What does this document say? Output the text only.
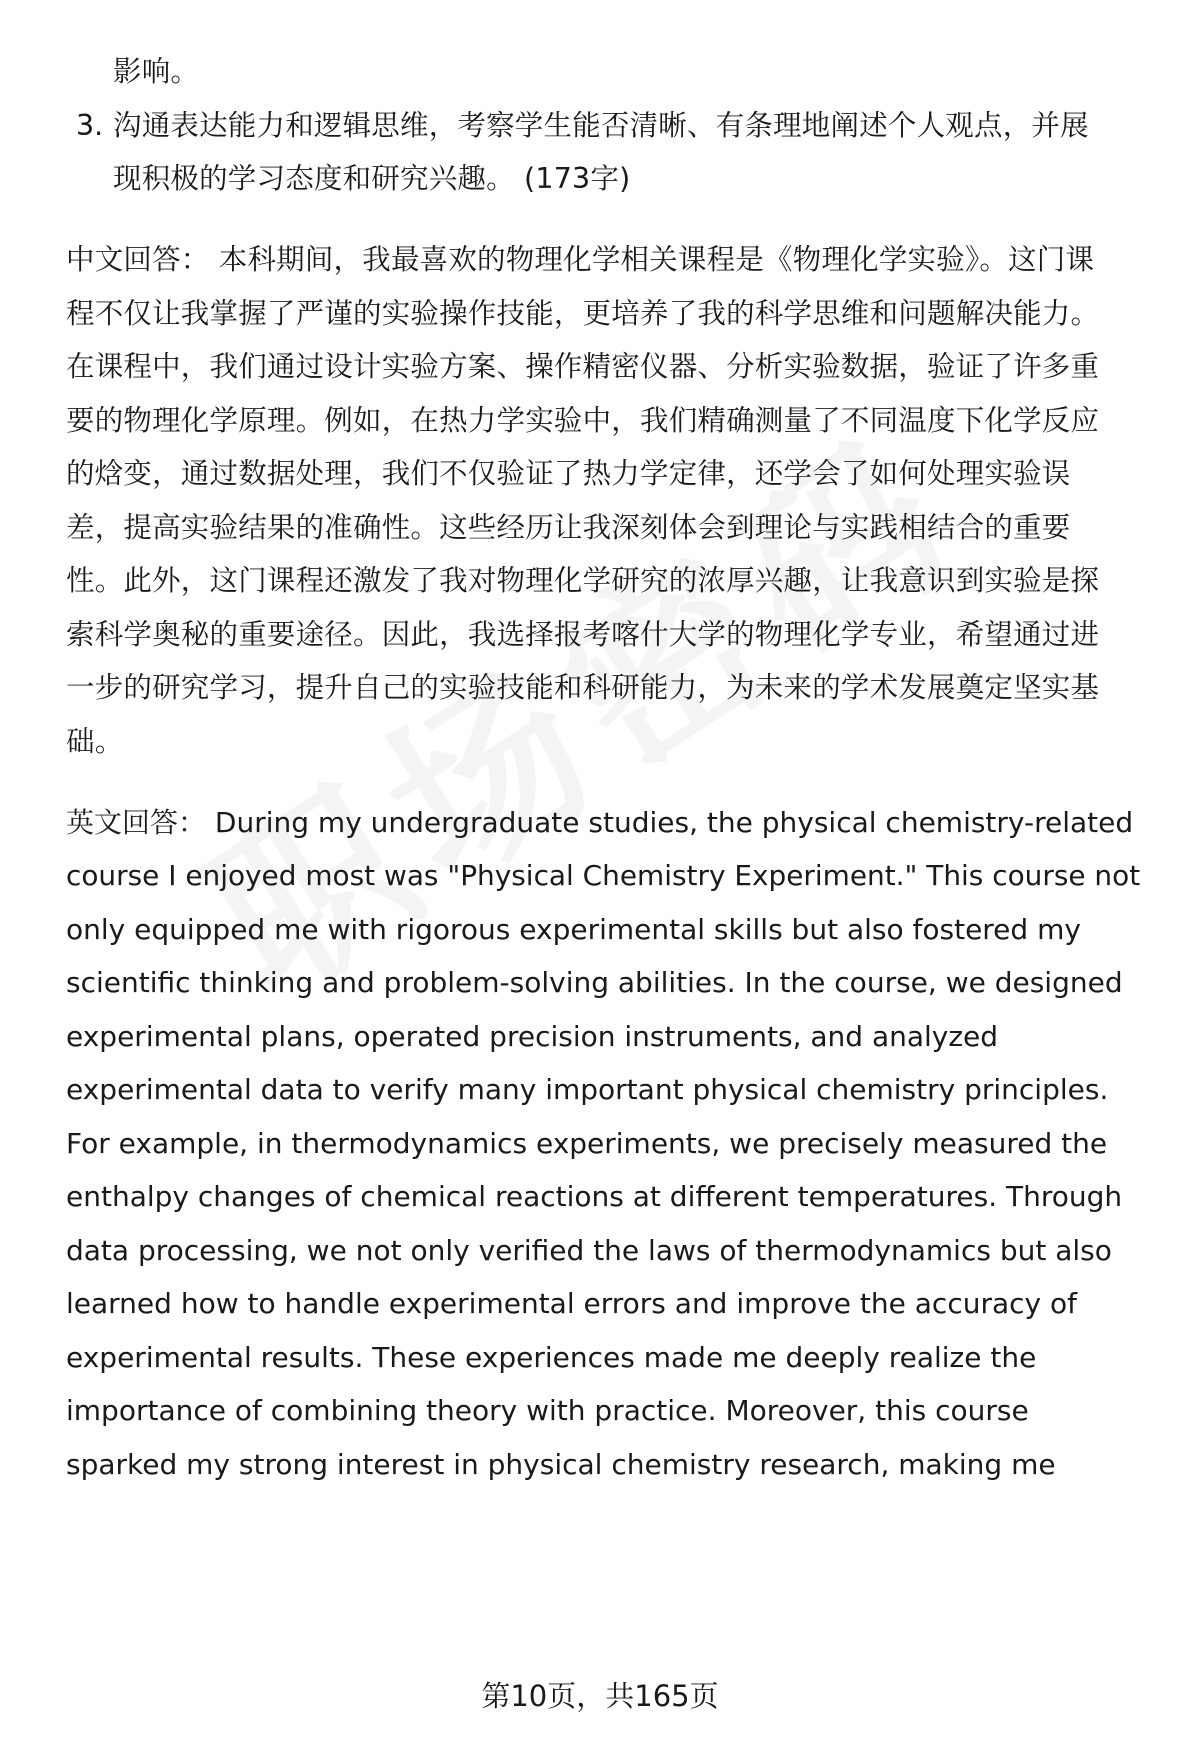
影响。
3. 沟通表达能力和逻辑思维，考察学生能否清晰、有条理地阐述个人观点，并展
现积极的学习态度和研究兴趣。 (173字)
中文回答： 本科期间，我最喜欢的物理化学相关课程是《物理化学实验》。这门课
程不仅让我掌握了严谨的实验操作技能，更培养了我的科学思维和问题解决能力。
在课程中，我们通过设计实验方案、操作精密仪器、分析实验数据，验证了许多重
要的物理化学原理。例如，在热力学实验中，我们精确测量了不同温度下化学反应
的焓变，通过数据处理，我们不仅验证了热力学定律，还学会了如何处理实验误
差，提高实验结果的准确性。这些经历让我深刻体会到理论与实践相结合的重要
性。此外，这门课程还激发了我对物理化学研究的浓厚兴趣，让我意识到实验是探
索科学奥秘的重要途径。因此，我选择报考喀什大学的物理化学专业，希望通过进
一步的研究学习，提升自己的实验技能和科研能力，为未来的学术发展奠定坚实基
础。
英文回答： During my undergraduate studies, the physical chemistry-related
course I enjoyed most was "Physical Chemistry Experiment." This course not
only equipped me with rigorous experimental skills but also fostered my
scientific thinking and problem-solving abilities. In the course, we designed
experimental plans, operated precision instruments, and analyzed
experimental data to verify many important physical chemistry principles.
For example, in thermodynamics experiments, we precisely measured the
enthalpy changes of chemical reactions at different temperatures. Through
data processing, we not only verified the laws of thermodynamics but also
learned how to handle experimental errors and improve the accuracy of
experimental results. These experiences made me deeply realize the
importance of combining theory with practice. Moreover, this course
sparked my strong interest in physical chemistry research, making me
第10页，共165页
